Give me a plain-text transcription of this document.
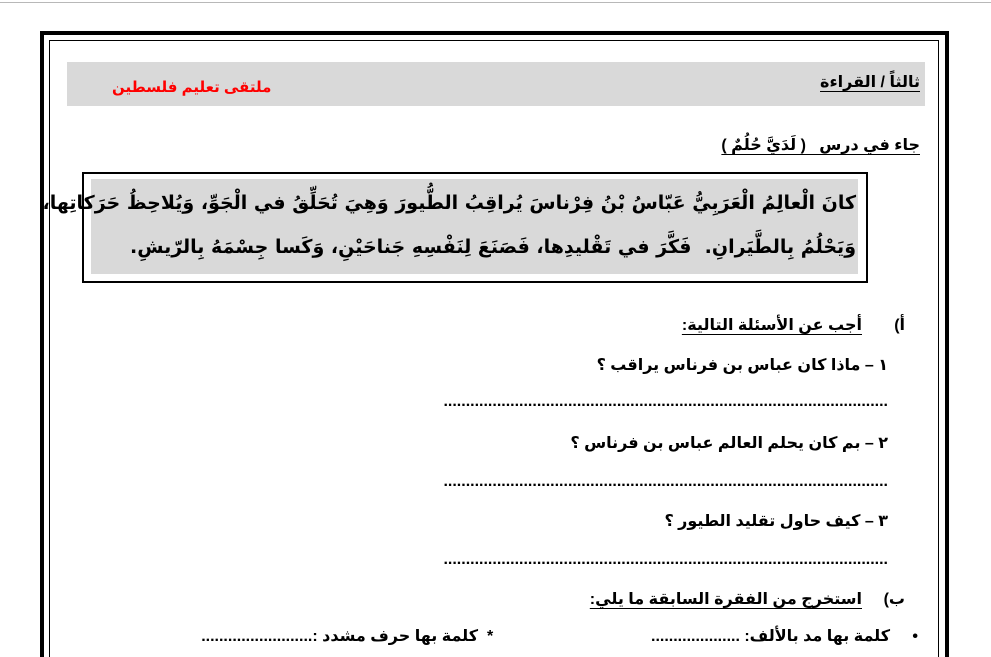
ثالثاً / القراءة
ملتقى تعليم فلسطين
جاء في درس   ( لَدَيَّ حُلُمٌ )
كانَ الْعالِمُ الْعَرَبِيُّ عَبّاسُ بْنُ فِرْناسَ يُراقِبُ الطُّيورَ وَهِيَ تُحَلِّقُ في الْجَوِّ، وَيُلاحِظُ حَرَكاتِها،
وَيَحْلُمُ بِالطَّيَرانِ.  فَكَّرَ في تَقْليدِها، فَصَنَعَ لِنَفْسِهِ جَناحَيْنِ، وَكَسا جِسْمَهُ بِالرّيشِ.
أ)
أجب عن الأسئلة التالية:
١ – ماذا كان عباس بن فرناس يراقب ؟
....................................................................................................
٢ – بم كان يحلم العالم عباس بن فرناس ؟
....................................................................................................
٣ – كيف حاول تقليد الطيور ؟
....................................................................................................
ب)
استخرج من الفقرة السابقة ما يلي:
•
كلمة بها مد بالألف: ....................
*
كلمة بها حرف مشدد :.........................
